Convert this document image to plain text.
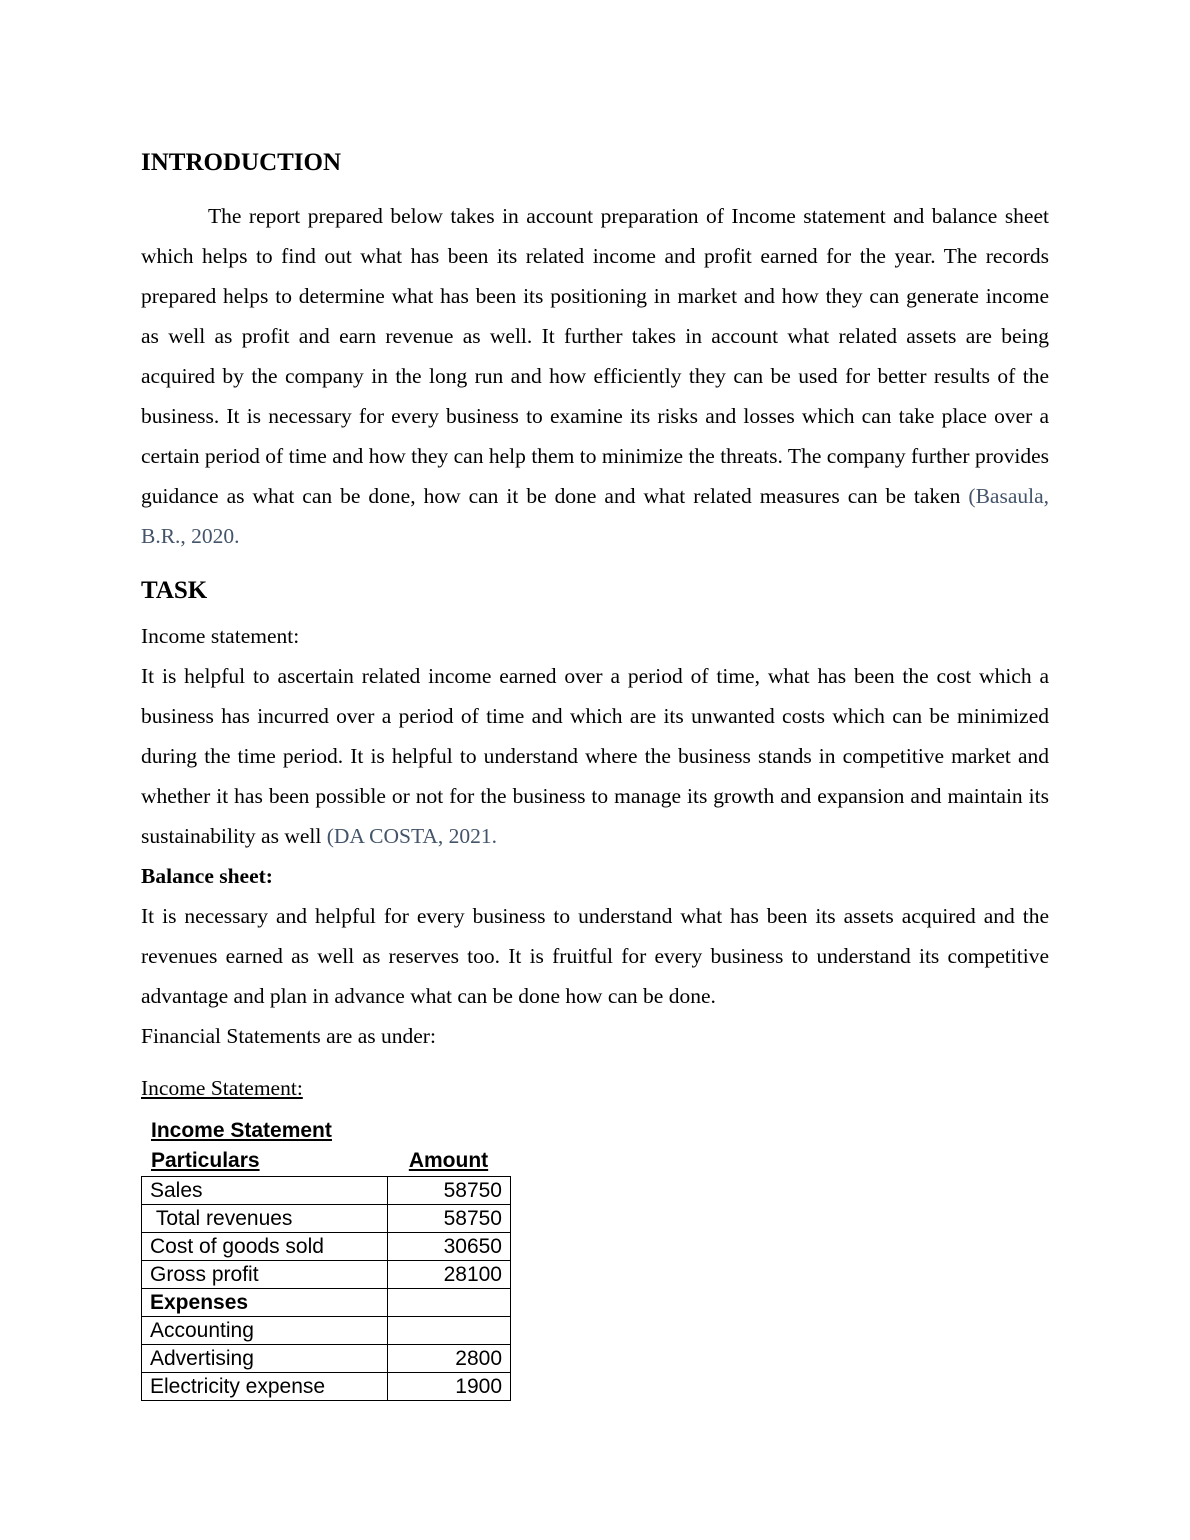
INTRODUCTION

The report prepared below takes in account preparation of Income statement and balance sheet which helps to find out what has been its related income and profit earned for the year. The records prepared helps to determine what has been its positioning in market and how they can generate income as well as profit and earn revenue as well. It further takes in account what related assets are being acquired by the company in the long run and how efficiently they can be used for better results of the business. It is necessary for every business to examine its risks and losses which can take place over a certain period of time and how they can help them to minimize the threats. The company further provides guidance as what can be done, how can it be done and what related measures can be taken (Basaula, B.R., 2020.

TASK
Income statement:

It is helpful to ascertain related income earned over a period of time, what has been the cost which a business has incurred over a period of time and which are its unwanted costs which can be minimized during the time period. It is helpful to understand where the business stands in competitive market and whether it has been possible or not for the business to manage its growth and expansion and maintain its sustainability as well (DA COSTA, 2021.

Balance sheet:

It is necessary and helpful for every business to understand what has been its assets acquired and the revenues earned as well as reserves too. It is fruitful for every business to understand its competitive advantage and plan in advance what can be done how can be done.

Financial Statements are as under:
Income Statement:
Income Statement
Particulars	Amount
Sales	58750
Total revenues	58750
Cost of goods sold	30650
Gross profit	28100
Expenses	
Accounting	
Advertising	2800
Electricity expense	1900
